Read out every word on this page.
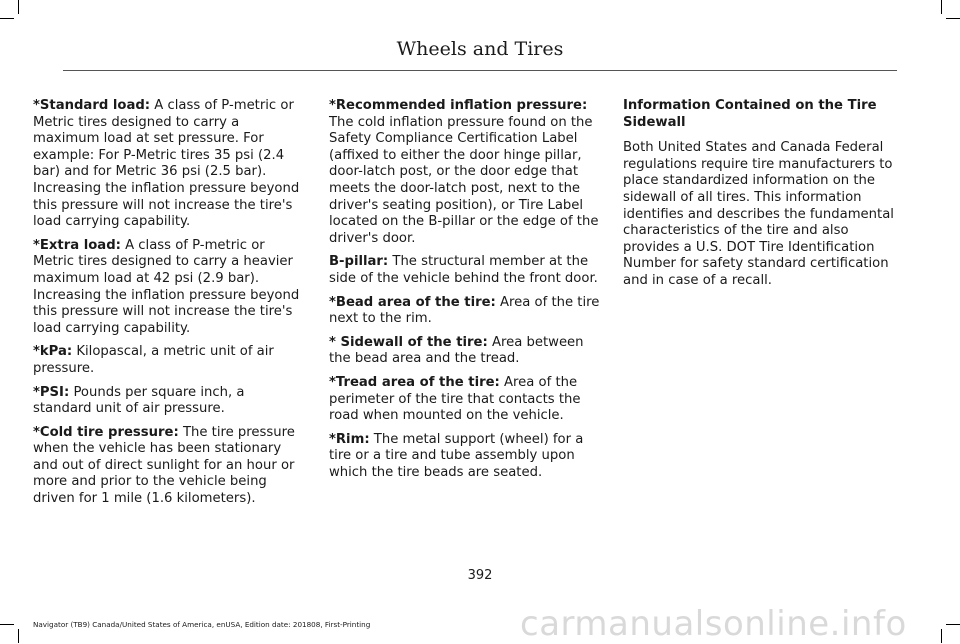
Wheels and Tires

*Standard load: A class of P-metric or Metric tires designed to carry a maximum load at set pressure. For example: For P-Metric tires 35 psi (2.4 bar) and for Metric 36 psi (2.5 bar). Increasing the inflation pressure beyond this pressure will not increase the tire's load carrying capability.

*Extra load: A class of P-metric or Metric tires designed to carry a heavier maximum load at 42 psi (2.9 bar). Increasing the inflation pressure beyond this pressure will not increase the tire's load carrying capability.

*kPa: Kilopascal, a metric unit of air pressure.

*PSI: Pounds per square inch, a standard unit of air pressure.

*Cold tire pressure: The tire pressure when the vehicle has been stationary and out of direct sunlight for an hour or more and prior to the vehicle being driven for 1 mile (1.6 kilometers).

*Recommended inflation pressure: The cold inflation pressure found on the Safety Compliance Certification Label (affixed to either the door hinge pillar, door-latch post, or the door edge that meets the door-latch post, next to the driver's seating position), or Tire Label located on the B-pillar or the edge of the driver's door.

B-pillar: The structural member at the side of the vehicle behind the front door.

*Bead area of the tire: Area of the tire next to the rim.

* Sidewall of the tire: Area between the bead area and the tread.

*Tread area of the tire: Area of the perimeter of the tire that contacts the road when mounted on the vehicle.

*Rim: The metal support (wheel) for a tire or a tire and tube assembly upon which the tire beads are seated.

Information Contained on the Tire Sidewall

Both United States and Canada Federal regulations require tire manufacturers to place standardized information on the sidewall of all tires. This information identifies and describes the fundamental characteristics of the tire and also provides a U.S. DOT Tire Identification Number for safety standard certification and in case of a recall.

392
Navigator (TB9) Canada/United States of America, enUSA, Edition date: 201808, First-Printing	carmanualsonline.info
